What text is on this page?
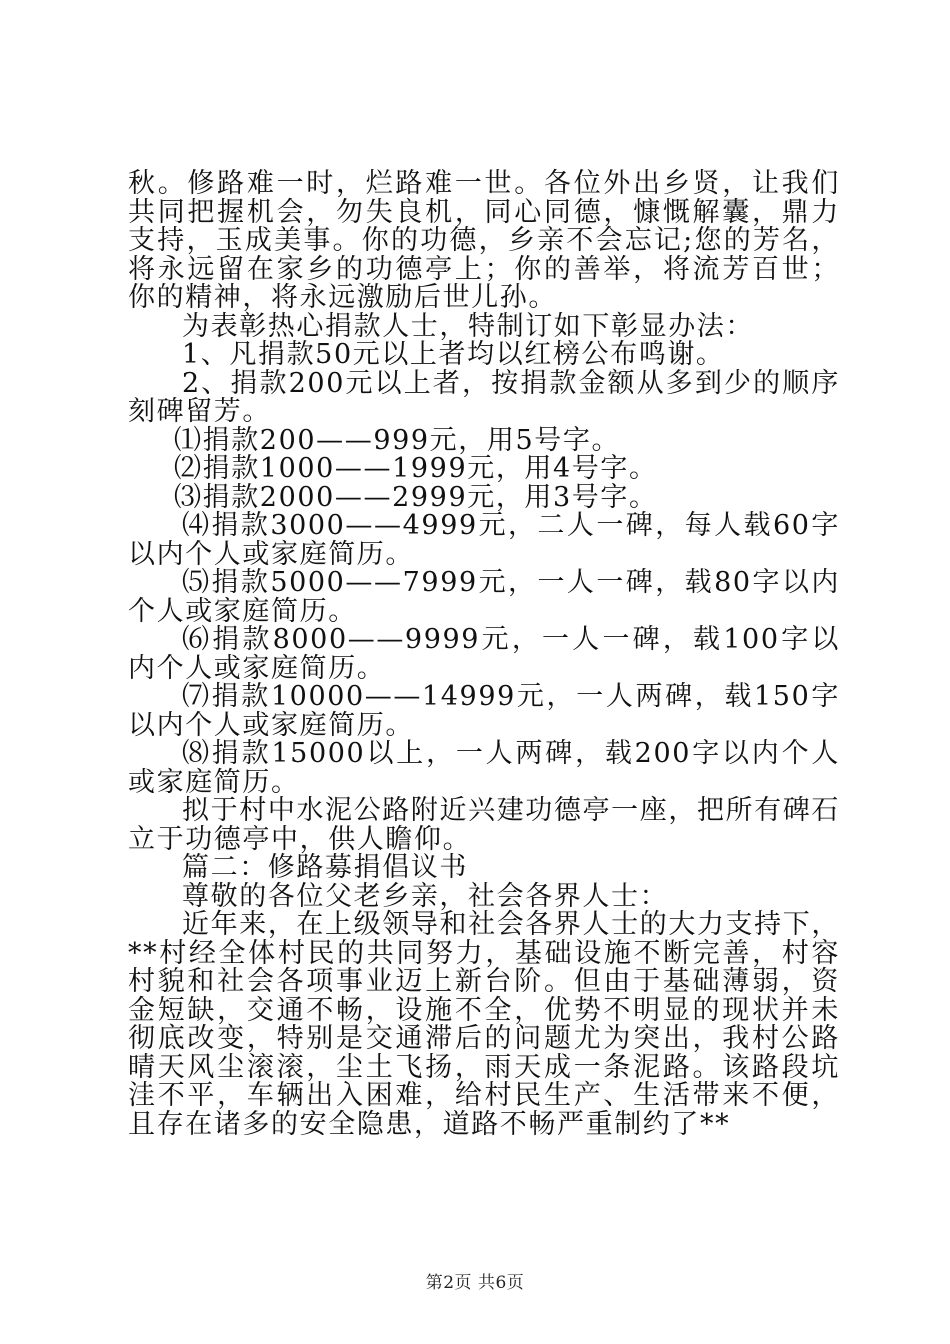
秋。修路难一时，烂路难一世。各位外出乡贤，让我们共同把握机会，勿失良机，同心同德，慷慨解囊，鼎力支持，玉成美事。你的功德，乡亲不会忘记;您的芳名，将永远留在家乡的功德亭上；你的善举，将流芳百世；你的精神，将永远激励后世儿孙。

为表彰热心捐款人士，特制订如下彰显办法：

1、凡捐款50元以上者均以红榜公布鸣谢。

2、捐款200元以上者，按捐款金额从多到少的顺序刻碑留芳。

⑴捐款200——999元，用5号字。

⑵捐款1000——1999元，用4号字。

⑶捐款2000——2999元，用3号字。

⑷捐款3000——4999元，二人一碑，每人载60字以内个人或家庭简历。

⑸捐款5000——7999元，一人一碑，载80字以内个人或家庭简历。

⑹捐款8000——9999元，一人一碑，载100字以内个人或家庭简历。

⑺捐款10000——14999元，一人两碑，载150字以内个人或家庭简历。

⑻捐款15000以上，一人两碑，载200字以内个人或家庭简历。

拟于村中水泥公路附近兴建功德亭一座，把所有碑石立于功德亭中，供人瞻仰。

篇二：修路募捐倡议书

尊敬的各位父老乡亲，社会各界人士：

近年来，在上级领导和社会各界人士的大力支持下，**村经全体村民的共同努力，基础设施不断完善，村容村貌和社会各项事业迈上新台阶。但由于基础薄弱，资金短缺，交通不畅，设施不全，优势不明显的现状并未彻底改变，特别是交通滞后的问题尤为突出，我村公路晴天风尘滚滚，尘土飞扬，雨天成一条泥路。该路段坑洼不平，车辆出入困难，给村民生产、生活带来不便，且存在诸多的安全隐患，道路不畅严重制约了**

第2页 共6页
